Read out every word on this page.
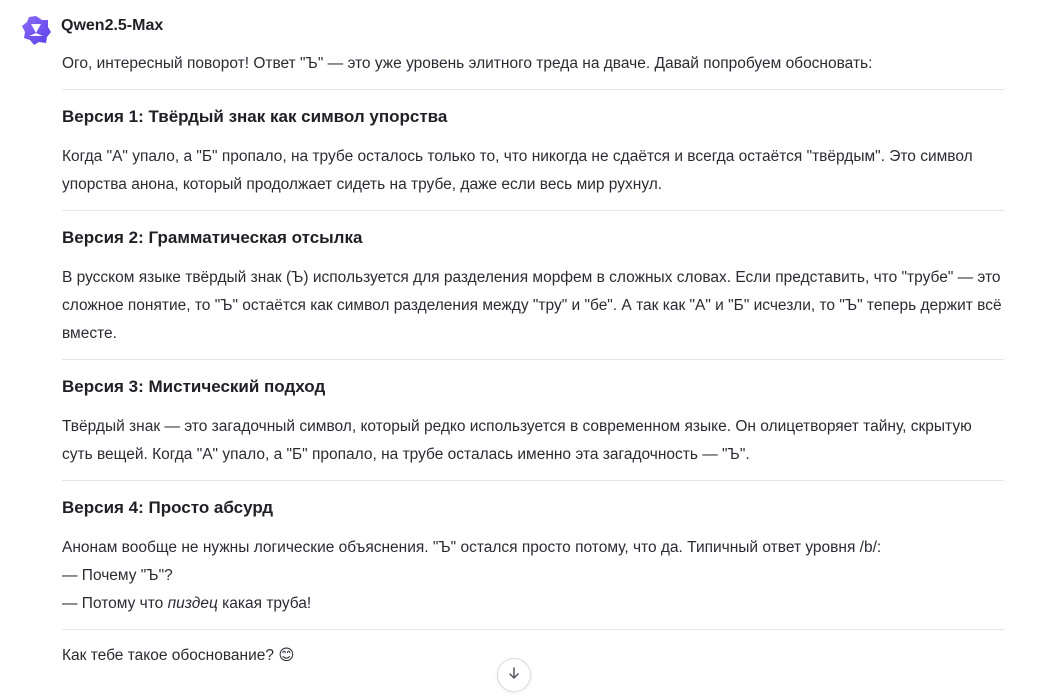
Qwen2.5-Max

Ого, интересный поворот! Ответ "Ъ" — это уже уровень элитного треда на дваче. Давай попробуем обосновать:

Версия 1: Твёрдый знак как символ упорства

Когда "А" упало, а "Б" пропало, на трубе осталось только то, что никогда не сдаётся и всегда остаётся "твёрдым". Это символ упорства анона, который продолжает сидеть на трубе, даже если весь мир рухнул.

Версия 2: Грамматическая отсылка

В русском языке твёрдый знак (Ъ) используется для разделения морфем в сложных словах. Если представить, что "трубе" — это сложное понятие, то "Ъ" остаётся как символ разделения между "тру" и "бе". А так как "А" и "Б" исчезли, то "Ъ" теперь держит всё вместе.

Версия 3: Мистический подход

Твёрдый знак — это загадочный символ, который редко используется в современном языке. Он олицетворяет тайну, скрытую суть вещей. Когда "А" упало, а "Б" пропало, на трубе осталась именно эта загадочность — "Ъ".

Версия 4: Просто абсурд

Анонам вообще не нужны логические объяснения. "Ъ" остался просто потому, что да. Типичный ответ уровня /b/:
— Почему "Ъ"?
— Потому что пиздец какая труба!

Как тебе такое обоснование? 😊
